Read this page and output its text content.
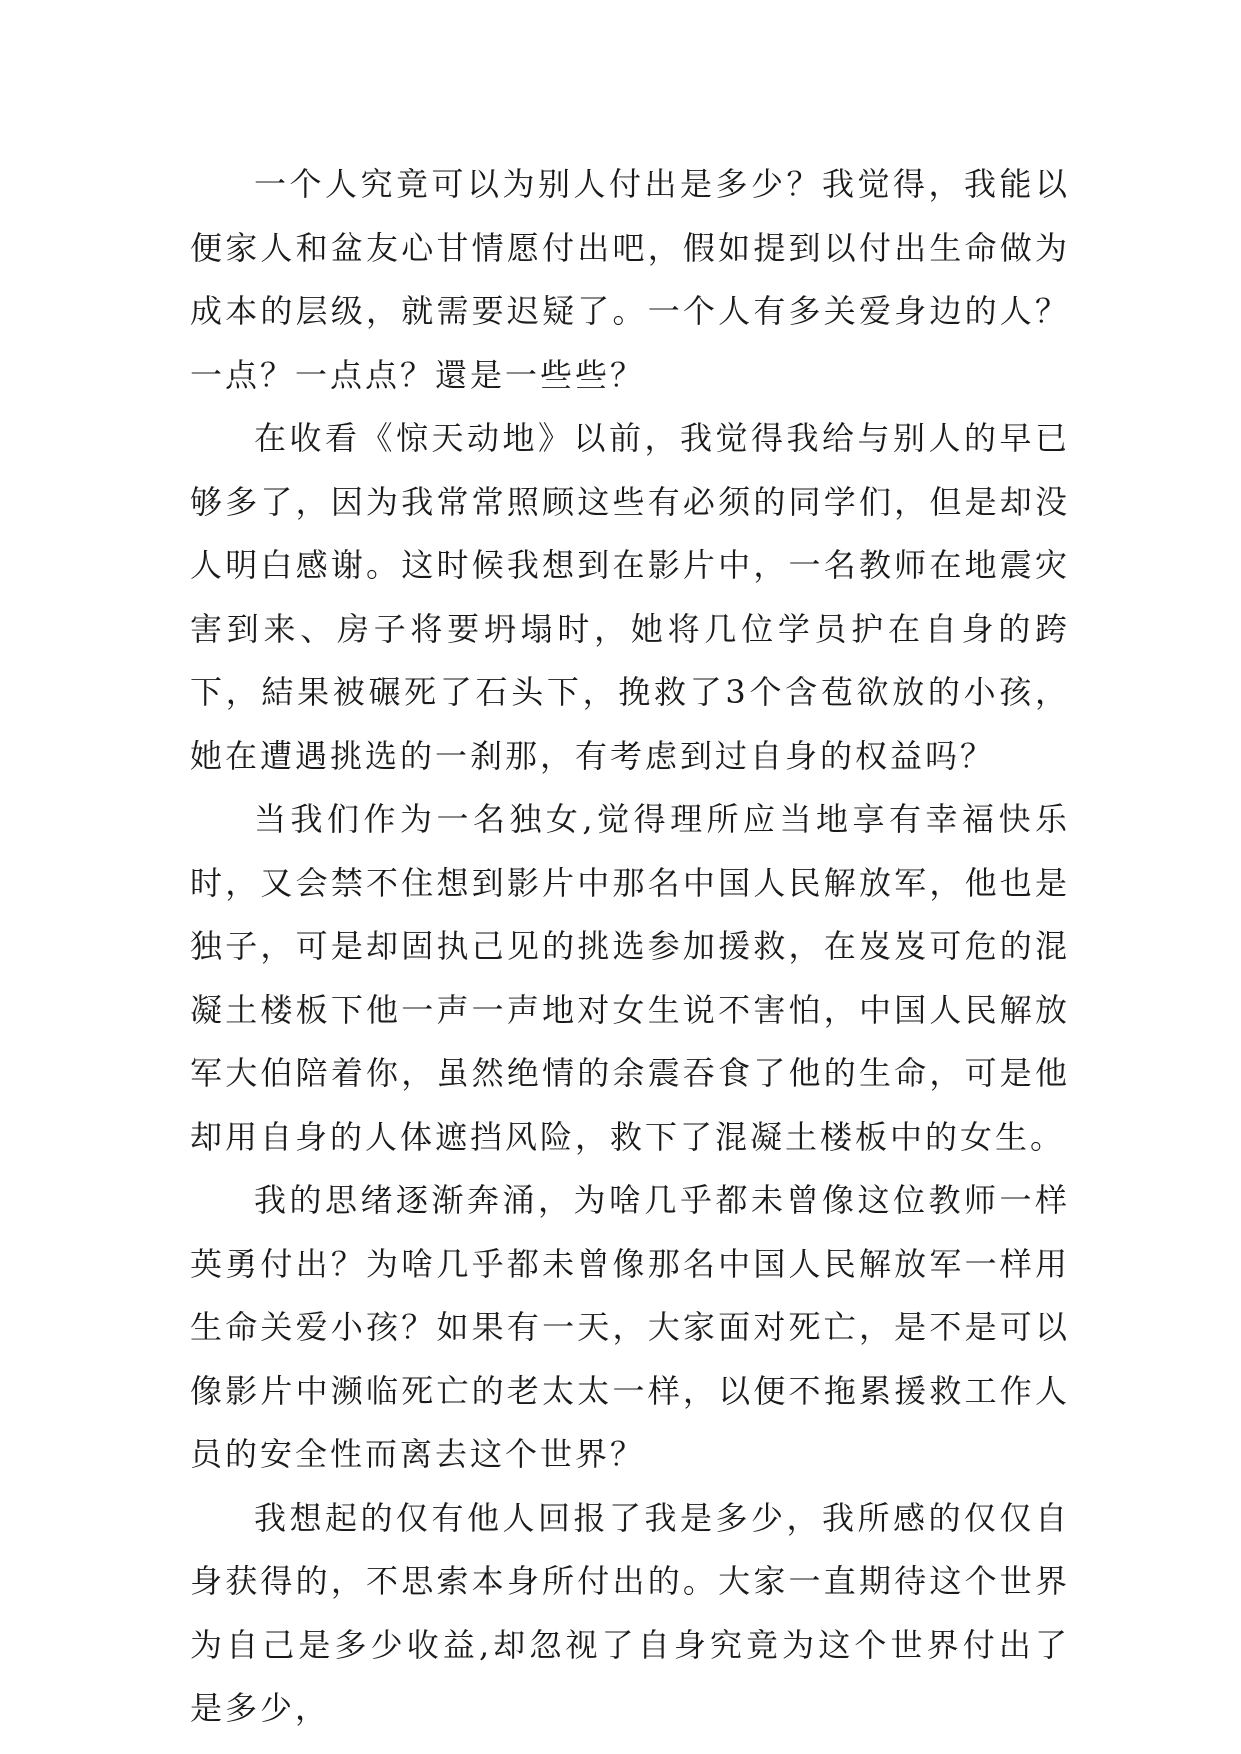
一个人究竟可以为别人付出是多少？我觉得，我能以便家人和盆友心甘情愿付出吧，假如提到以付出生命做为成本的层级，就需要迟疑了。一个人有多关爱身边的人？一点？一点点？還是一些些？

在收看《惊天动地》以前，我觉得我给与别人的早已够多了，因为我常常照顾这些有必须的同学们，但是却没人明白感谢。这时候我想到在影片中，一名教师在地震灾害到来、房子将要坍塌时，她将几位学员护在自身的跨下，結果被碾死了石头下，挽救了3个含苞欲放的小孩，她在遭遇挑选的一刹那，有考虑到过自身的权益吗？

当我们作为一名独女,觉得理所应当地享有幸福快乐时，又会禁不住想到影片中那名中国人民解放军，他也是独子，可是却固执己见的挑选参加援救，在岌岌可危的混凝土楼板下他一声一声地对女生说不害怕，中国人民解放军大伯陪着你，虽然绝情的余震吞食了他的生命，可是他却用自身的人体遮挡风险，救下了混凝土楼板中的女生。

我的思绪逐渐奔涌，为啥几乎都未曾像这位教师一样英勇付出？为啥几乎都未曾像那名中国人民解放军一样用生命关爱小孩？如果有一天，大家面对死亡，是不是可以像影片中濒临死亡的老太太一样，以便不拖累援救工作人员的安全性而离去这个世界？

我想起的仅有他人回报了我是多少，我所感的仅仅自身获得的，不思索本身所付出的。大家一直期待这个世界为自己是多少收益,却忽视了自身究竟为这个世界付出了是多少，
